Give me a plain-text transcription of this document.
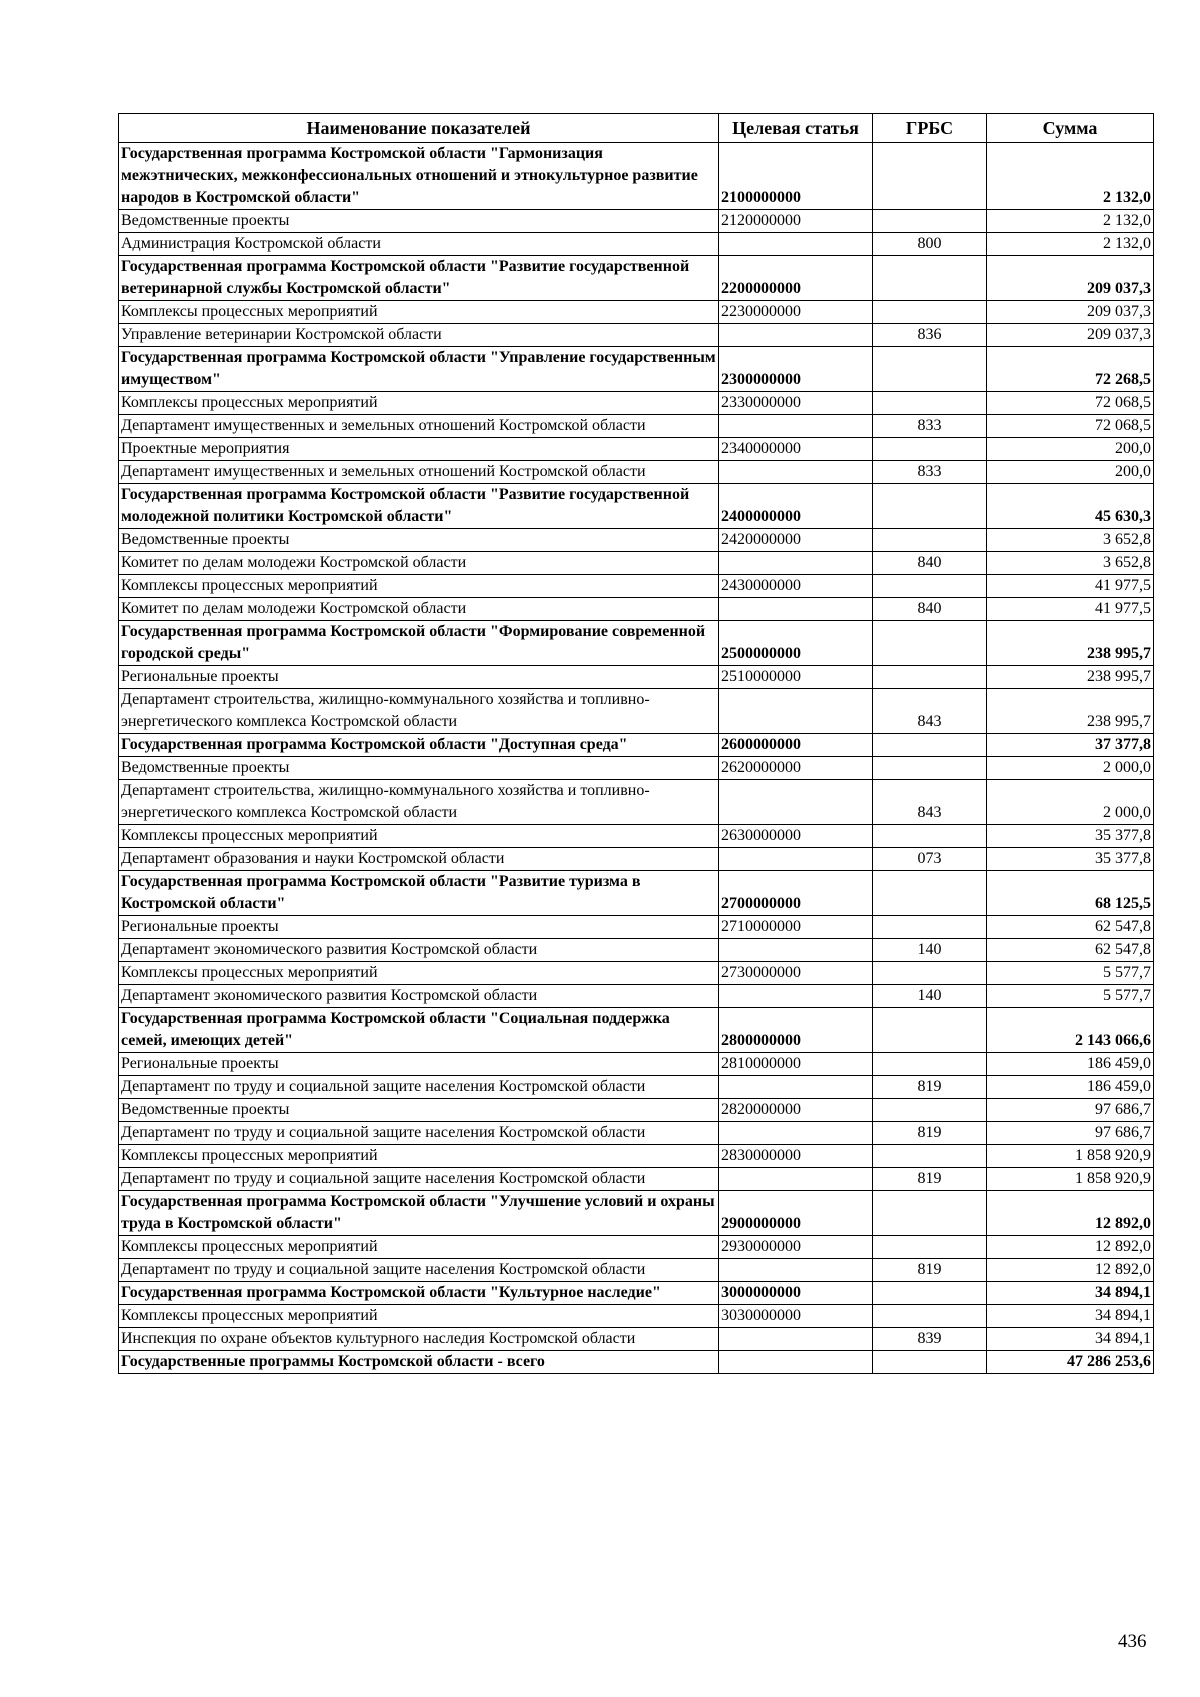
Наименование показателей	Целевая статья	ГРБС	Сумма
Государственная программа Костромской области "Гармонизация межэтнических, межконфессиональных отношений и этнокультурное развитие народов в Костромской области"	2100000000		2 132,0
Ведомственные проекты	2120000000		2 132,0
Администрация Костромской области		800	2 132,0
Государственная программа Костромской области "Развитие государственной ветеринарной службы Костромской области"	2200000000		209 037,3
Комплексы процессных мероприятий	2230000000		209 037,3
Управление ветеринарии Костромской области		836	209 037,3
Государственная программа Костромской области "Управление государственным имуществом"	2300000000		72 268,5
Комплексы процессных мероприятий	2330000000		72 068,5
Департамент имущественных и земельных отношений Костромской области		833	72 068,5
Проектные мероприятия	2340000000		200,0
Департамент имущественных и земельных отношений Костромской области		833	200,0
Государственная программа Костромской области "Развитие государственной молодежной политики Костромской области"	2400000000		45 630,3
Ведомственные проекты	2420000000		3 652,8
Комитет по делам молодежи Костромской области		840	3 652,8
Комплексы процессных мероприятий	2430000000		41 977,5
Комитет по делам молодежи Костромской области		840	41 977,5
Государственная программа Костромской области "Формирование современной городской среды"	2500000000		238 995,7
Региональные проекты	2510000000		238 995,7
Департамент строительства, жилищно-коммунального хозяйства и топливно-энергетического комплекса Костромской области		843	238 995,7
Государственная программа Костромской области "Доступная среда"	2600000000		37 377,8
Ведомственные проекты	2620000000		2 000,0
Департамент строительства, жилищно-коммунального хозяйства и топливно-энергетического комплекса Костромской области		843	2 000,0
Комплексы процессных мероприятий	2630000000		35 377,8
Департамент образования и науки Костромской области		073	35 377,8
Государственная программа Костромской области "Развитие туризма в Костромской области"	2700000000		68 125,5
Региональные проекты	2710000000		62 547,8
Департамент экономического развития Костромской области		140	62 547,8
Комплексы процессных мероприятий	2730000000		5 577,7
Департамент экономического развития Костромской области		140	5 577,7
Государственная программа Костромской области "Социальная поддержка семей, имеющих детей"	2800000000		2 143 066,6
Региональные проекты	2810000000		186 459,0
Департамент по труду и социальной защите населения Костромской области		819	186 459,0
Ведомственные проекты	2820000000		97 686,7
Департамент по труду и социальной защите населения Костромской области		819	97 686,7
Комплексы процессных мероприятий	2830000000		1 858 920,9
Департамент по труду и социальной защите населения Костромской области		819	1 858 920,9
Государственная программа Костромской области "Улучшение условий и охраны труда в Костромской области"	2900000000		12 892,0
Комплексы процессных мероприятий	2930000000		12 892,0
Департамент по труду и социальной защите населения Костромской области		819	12 892,0
Государственная программа Костромской области "Культурное наследие"	3000000000		34 894,1
Комплексы процессных мероприятий	3030000000		34 894,1
Инспекция по охране объектов культурного наследия Костромской области		839	34 894,1
Государственные программы Костромской области - всего			47 286 253,6
436
